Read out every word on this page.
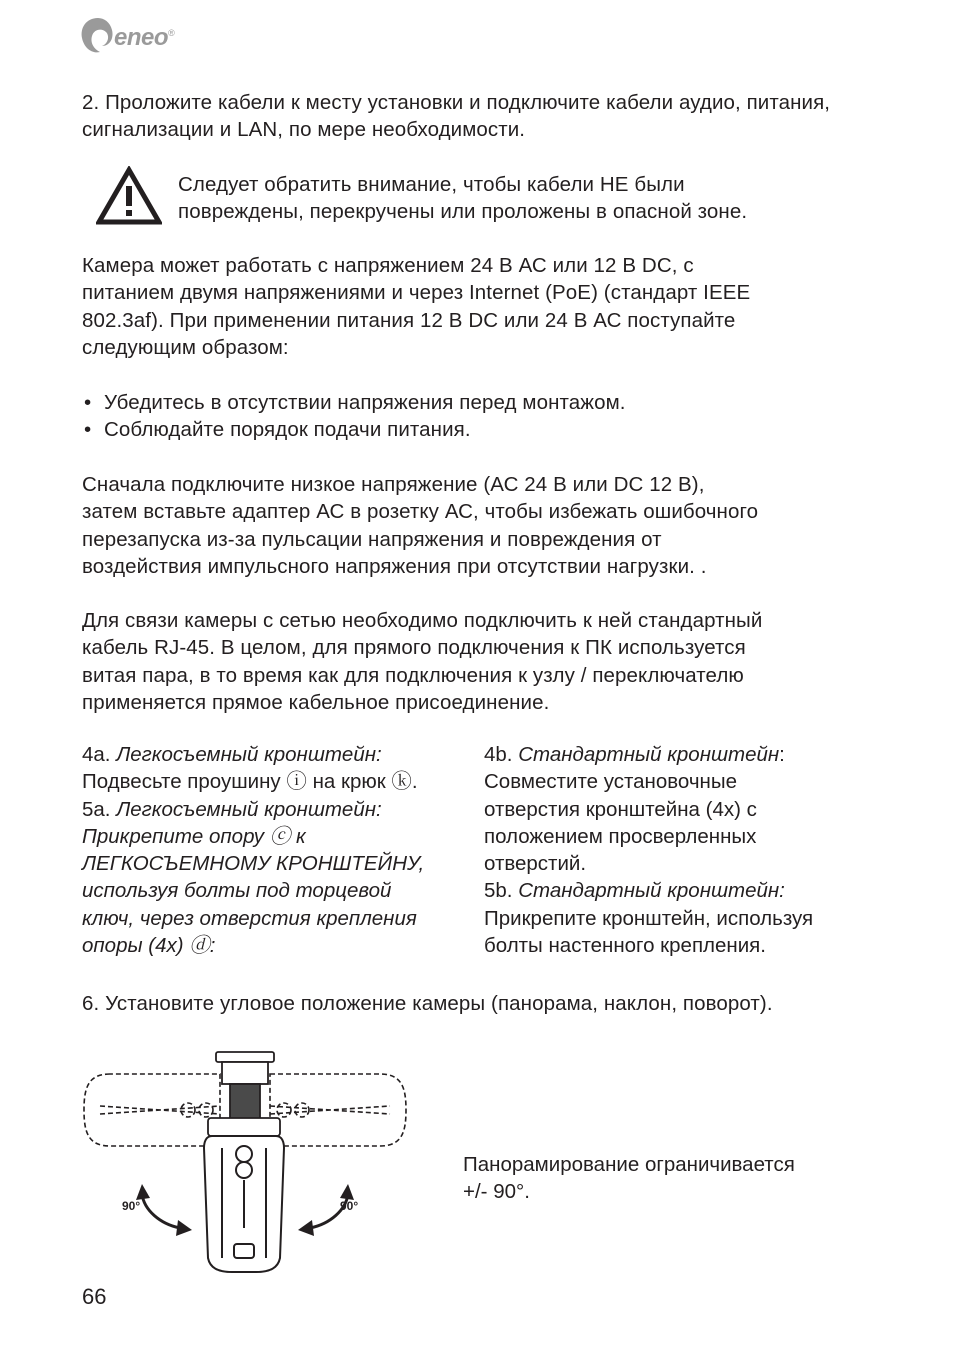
eneo®
2. Проложите кабели к месту установки и подключите кабели аудио, питания, сигнализации и LAN, по мере необходимости.
Следует обратить внимание, чтобы кабели НЕ были
повреждены, перекручены или проложены в опасной зоне.
Камера может работать с напряжением 24 В АС или 12 В DC, с
питанием двумя напряжениями и через Internet (PoE) (стандарт IEEE
802.3af). При применении питания 12 В DC или 24 В АС поступайте
следующим образом:
• Убедитесь в отсутствии напряжения перед монтажом.
• Соблюдайте порядок подачи питания.
Сначала подключите низкое напряжение (АС 24 В или DC 12 В),
затем вставьте адаптер АС в розетку АС, чтобы избежать ошибочного
перезапуска из-за пульсации напряжения и повреждения от
воздействия импульсного напряжения при отсутствии нагрузки. .
Для связи камеры с сетью необходимо подключить к ней стандартный
кабель RJ-45. В целом, для прямого подключения к ПК используется
витая пара, в то время как для подключения к узлу / переключателю
применяется прямое кабельное присоединение.
4a. Легкосъемный кронштейн:
Подвесьте проушину ⓘ на крюк ⓚ.
5a. Легкосъемный кронштейн:
Прикрепите опору ⓒ к
ЛЕГКОСЪЕМНОМУ КРОНШТЕЙНУ,
используя болты под торцевой
ключ, через отверстия крепления
опоры (4x) ⓓ:
4b. Стандартный кронштейн:
Совместите установочные
отверстия кронштейна (4x) с
положением просверленных
отверстий.
5b. Стандартный кронштейн:
Прикрепите кронштейн, используя
болты настенного крепления.
6. Установите угловое положение камеры (панорама, наклон, поворот).
90°	90°
Панорамирование ограничивается
+/- 90°.
66
